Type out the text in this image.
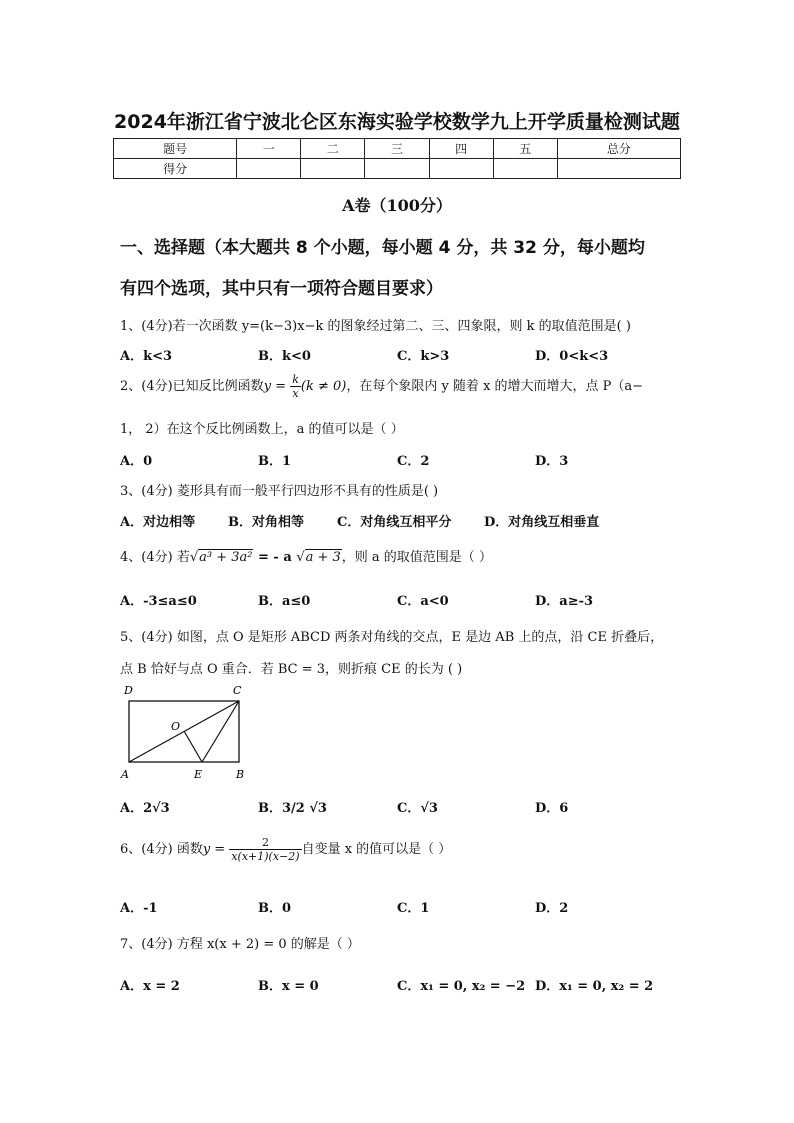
2024年浙江省宁波北仑区东海实验学校数学九上开学质量检测试题
题号	一	二	三	四	五	总分
得分						
A卷（100分）
一、选择题（本大题共 8 个小题，每小题 4 分，共 32 分，每小题均
有四个选项，其中只有一项符合题目要求）
1、(4分)若一次函数 y=(k−3)x−k 的图象经过第二、三、四象限，则 k 的取值范围是( )
A．k<3	B．k<0	C．k>3	D．0<k<3
2、(4分)已知反比例函数$y = \frac{k}{x} (k \ne 0)$，在每个象限内 y 随着 x 的增大而增大，点 P（a−
1， 2）在这个反比例函数上，a 的值可以是（ ）
A．0	B．1	C．2	D．3
3、(4分) 菱形具有而一般平行四边形不具有的性质是( )
A．对边相等	B．对角相等	C．对角线互相平分	D．对角线互相垂直
4、(4分) 若√a³ + 3a² = - a √a + 3，则 a 的取值范围是（ ）
A．-3≤a≤0	B．a≤0	C．a<0	D．a≥-3
5、(4分) 如图，点 O 是矩形 ABCD 两条对角线的交点，E 是边 AB 上的点，沿 CE 折叠后，
点 B 恰好与点 O 重合．若 BC = 3，则折痕 CE 的长为 ( )
D	C
O
A	E	B
A．2√3	B．3/2 √3	C．√3	D．6
6、(4分) 函数$y = \frac{2}{x(x+1)(x-2)}$ 自变量 x 的值可以是（ ）
A．-1	B．0	C．1	D．2
7、(4分) 方程 x(x + 2) = 0 的解是（ ）
A．x = 2	B．x = 0	C．x₁ = 0, x₂ = −2 D．x₁ = 0, x₂ = 2
